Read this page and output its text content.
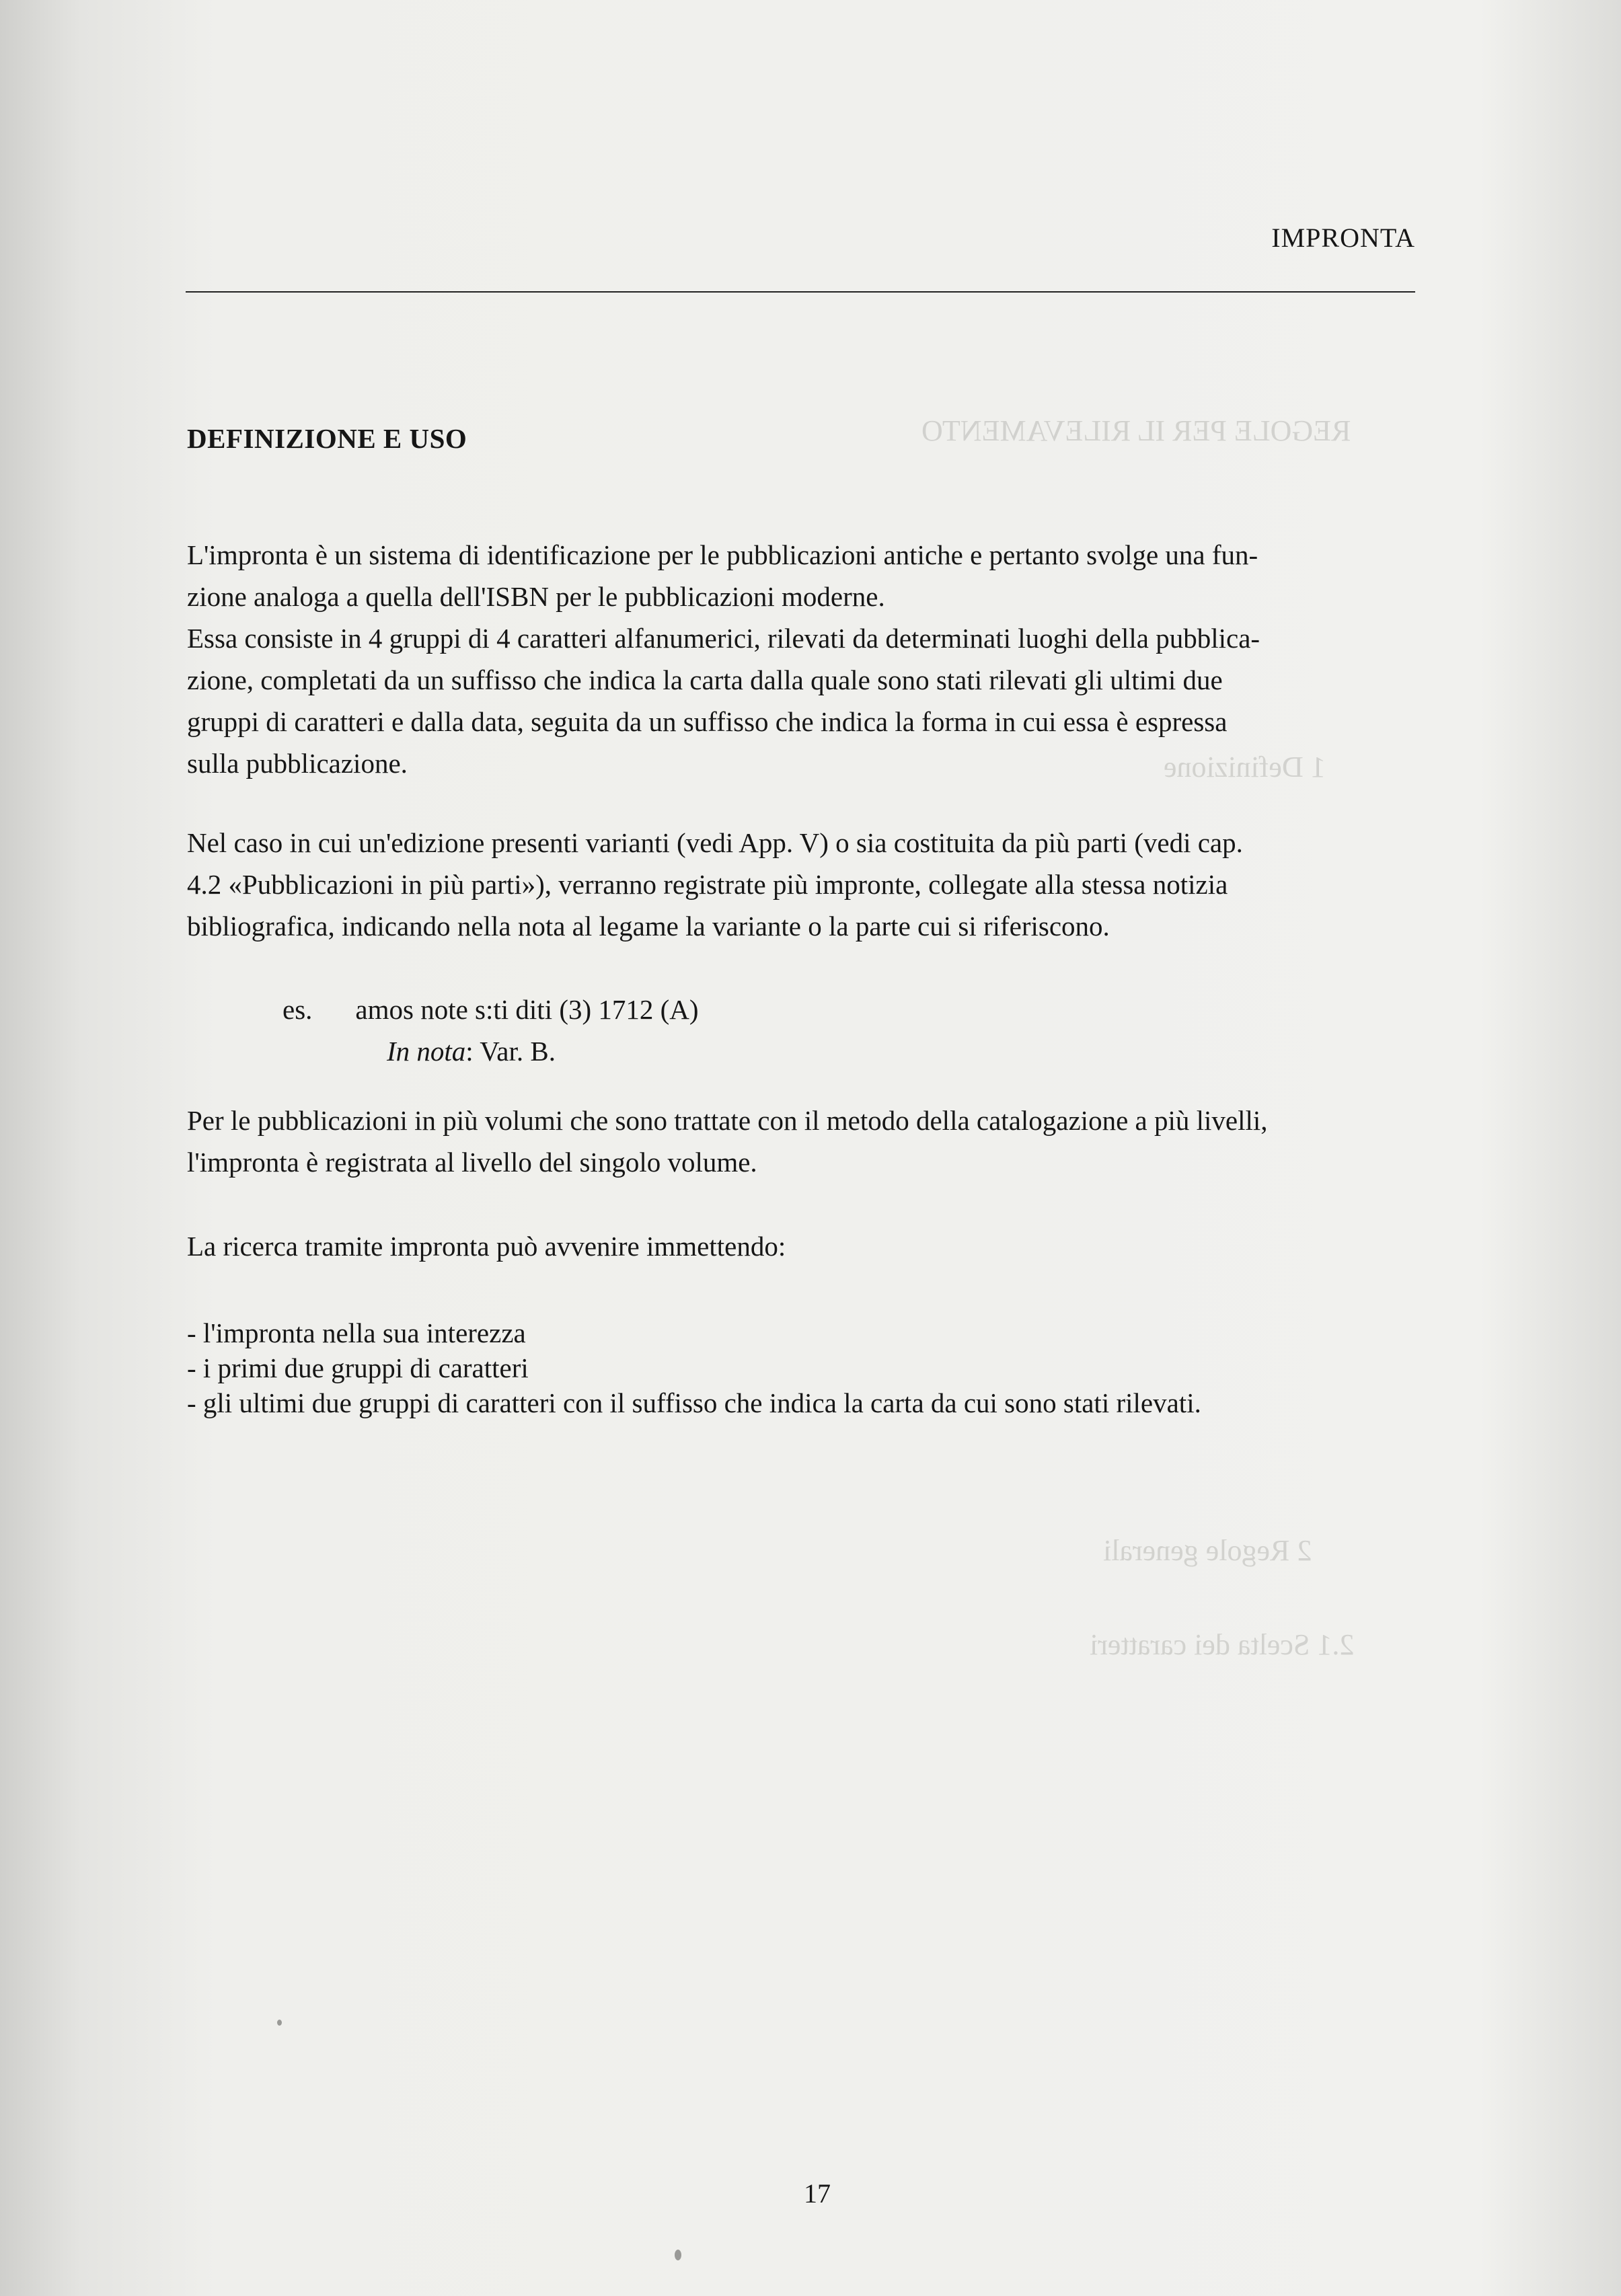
REGOLE PER IL RILEVAMENTO
1 Definizione
2 Regole generali
2.1 Scelta dei caratteri
IMPRONTA
DEFINIZIONE E USO
L'impronta è un sistema di identificazione per le pubblicazioni antiche e pertanto svolge una fun-
zione analoga a quella dell'ISBN per le pubblicazioni moderne.
Essa consiste in 4 gruppi di 4 caratteri alfanumerici, rilevati da determinati luoghi della pubblica-
zione, completati da un suffisso che indica la carta dalla quale sono stati rilevati gli ultimi due
gruppi di caratteri e dalla data, seguita da un suffisso che indica la forma in cui essa è espressa
sulla pubblicazione.
Nel caso in cui un'edizione presenti varianti (vedi App. V) o sia costituita da più parti (vedi cap.
4.2 «Pubblicazioni in più parti»), verranno registrate più impronte, collegate alla stessa notizia
bibliografica, indicando nella nota al legame la variante o la parte cui si riferiscono.
es. amos note s:ti diti (3) 1712 (A)
In nota: Var. B.
Per le pubblicazioni in più volumi che sono trattate con il metodo della catalogazione a più livelli,
l'impronta è registrata al livello del singolo volume.
La ricerca tramite impronta può avvenire immettendo:
- l'impronta nella sua interezza
- i primi due gruppi di caratteri
- gli ultimi due gruppi di caratteri con il suffisso che indica la carta da cui sono stati rilevati.
17
